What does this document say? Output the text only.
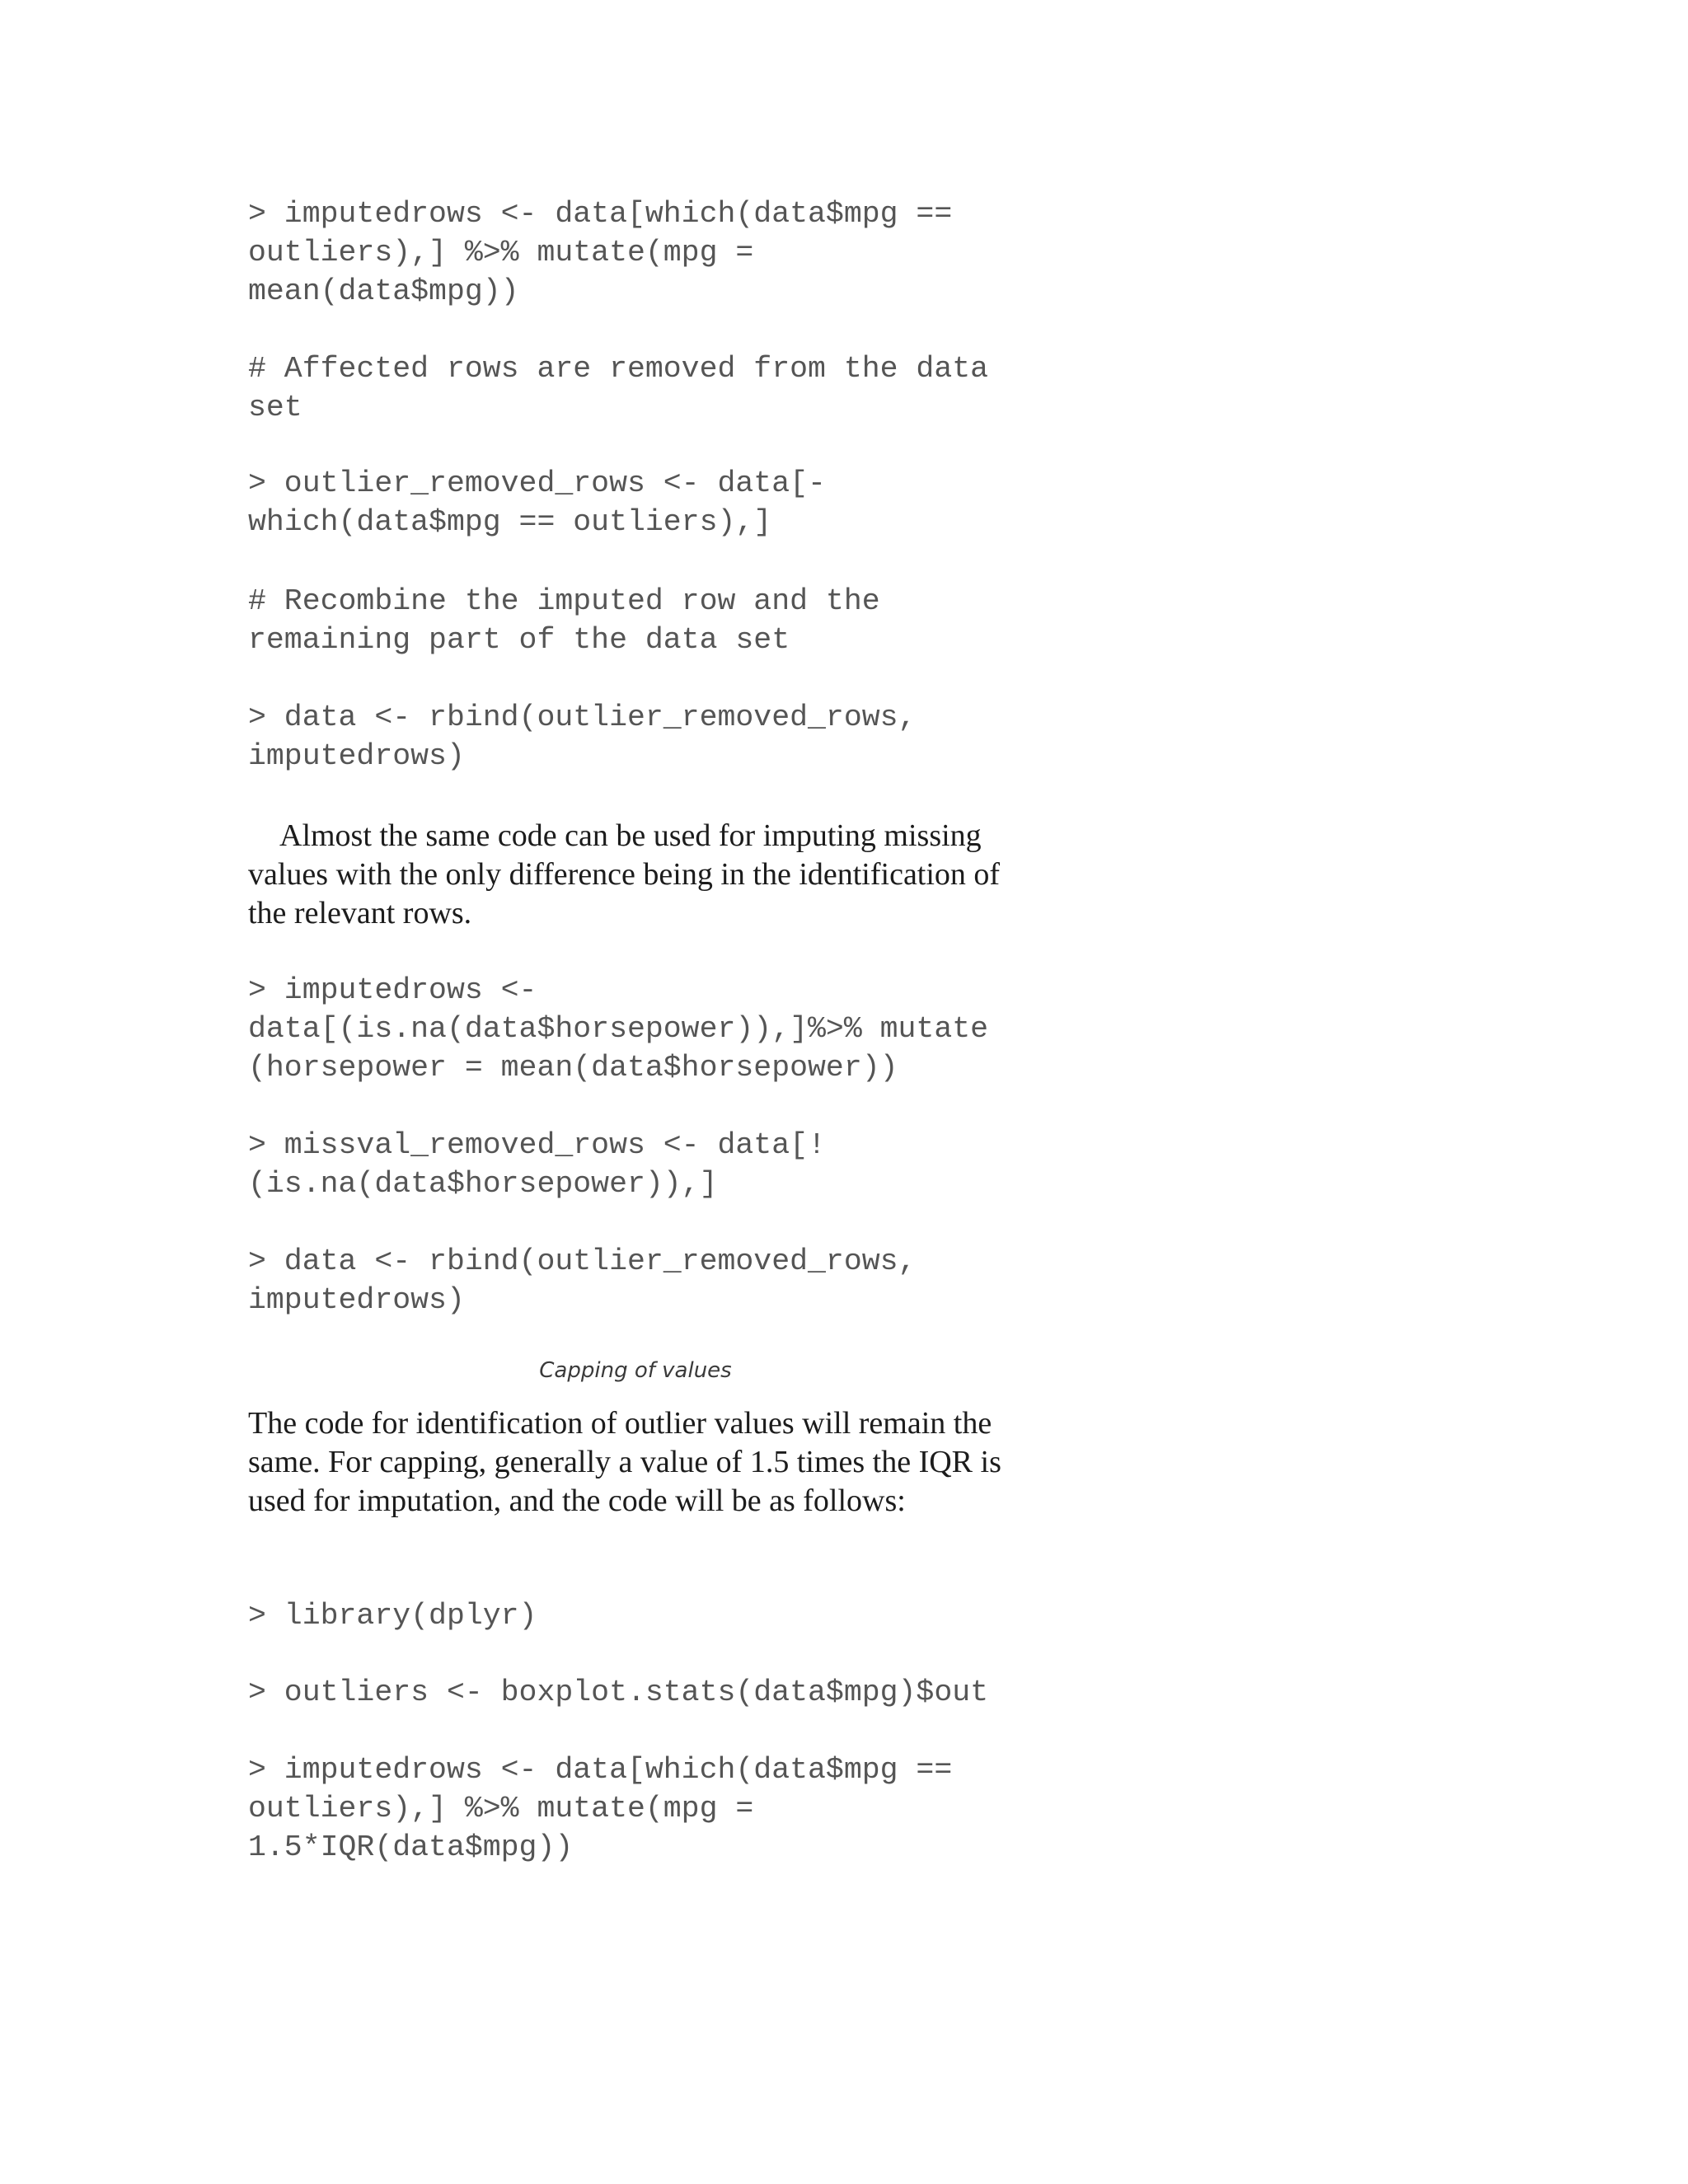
> imputedrows <- data[which(data$mpg ==
outliers),] %>% mutate(mpg =
mean(data$mpg))
# Affected rows are removed from the data
set
> outlier_removed_rows <- data[-
which(data$mpg == outliers),]
# Recombine the imputed row and the
remaining part of the data set
> data <- rbind(outlier_removed_rows,
imputedrows)

Almost the same code can be used for imputing missing values with the only difference being in the identification of the relevant rows.

> imputedrows <-
data[(is.na(data$horsepower)),]%>% mutate
(horsepower = mean(data$horsepower))
> missval_removed_rows <- data[!
(is.na(data$horsepower)),]
> data <- rbind(outlier_removed_rows,
imputedrows)

Capping of values

The code for identification of outlier values will remain the same. For capping, generally a value of 1.5 times the IQR is used for imputation, and the code will be as follows:

> library(dplyr)
> outliers <- boxplot.stats(data$mpg)$out
> imputedrows <- data[which(data$mpg ==
outliers),] %>% mutate(mpg =
1.5*IQR(data$mpg))
